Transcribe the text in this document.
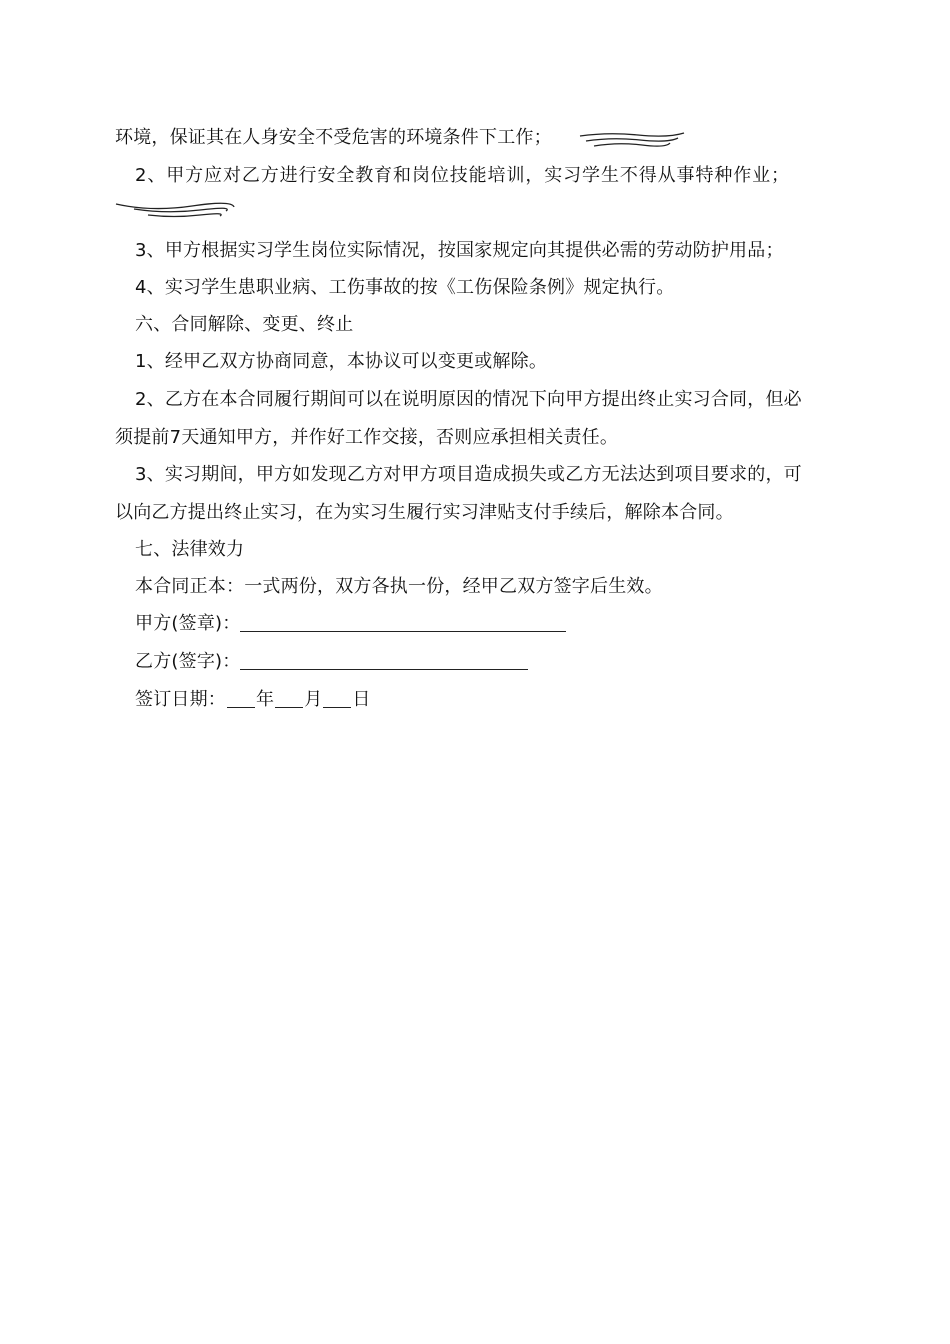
环境，保证其在人身安全不受危害的环境条件下工作；
2、甲方应对乙方进行安全教育和岗位技能培训，实习学生不得从事特种作业；
3、甲方根据实习学生岗位实际情况，按国家规定向其提供必需的劳动防护用品；
4、实习学生患职业病、工伤事故的按《工伤保险条例》规定执行。
六、合同解除、变更、终止
1、经甲乙双方协商同意，本协议可以变更或解除。
2、乙方在本合同履行期间可以在说明原因的情况下向甲方提出终止实习合同，但必
须提前7天通知甲方，并作好工作交接，否则应承担相关责任。
3、实习期间，甲方如发现乙方对甲方项目造成损失或乙方无法达到项目要求的，可
以向乙方提出终止实习，在为实习生履行实习津贴支付手续后，解除本合同。
七、法律效力
本合同正本：一式两份，双方各执一份，经甲乙双方签字后生效。
甲方(签章)：
乙方(签字)：
签订日期： 年 月 日
